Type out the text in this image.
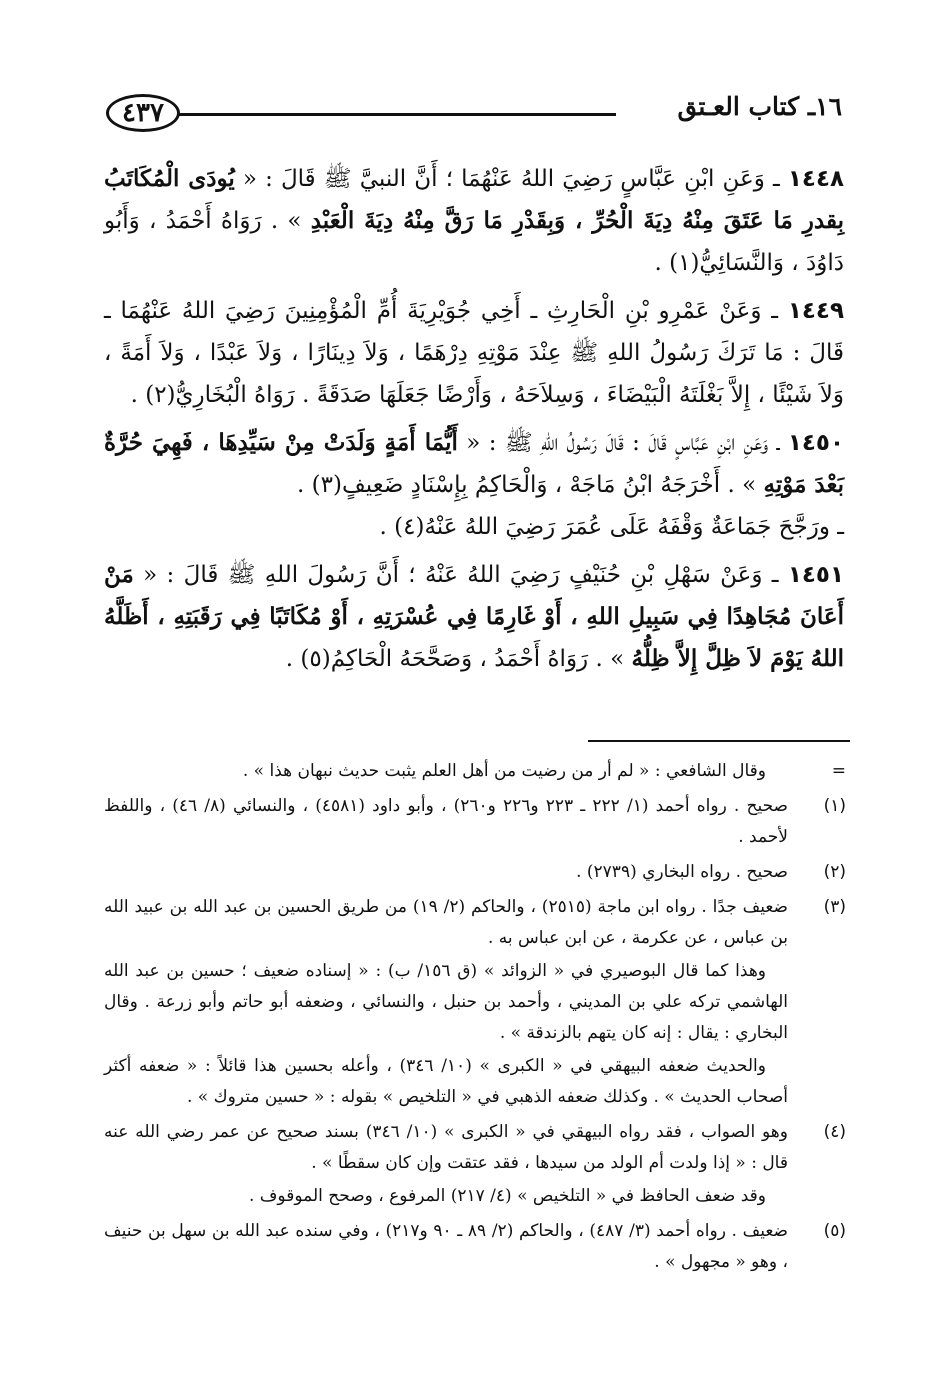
٤٣٧	١٦ـ كتاب العـتق

١٤٤٨ ـ وَعَنِ ابْنِ عَبَّاسٍ رَضِيَ اللهُ عَنْهُمَا ؛ أَنَّ النبيَّ ﷺ قَالَ : « يُودَى الْمُكَاتَبُ بِقدرِ مَا عَتَقَ مِنْهُ دِيَةَ الْحُرِّ ، وَبِقَدْرِ مَا رَقَّ مِنْهُ دِيَةَ الْعَبْدِ » . رَوَاهُ أَحْمَدُ ، وَأَبُو دَاوُدَ ، وَالنَّسَائِيُّ(١) .

١٤٤٩ ـ وَعَنْ عَمْرِو بْنِ الْحَارِثِ ـ أَخِي جُوَيْرِيَةَ أُمِّ الْمُؤْمِنِينَ رَضِيَ اللهُ عَنْهُمَا ـ قَالَ : مَا تَرَكَ رَسُولُ اللهِ ﷺ عِنْدَ مَوْتِهِ دِرْهَمًا ، وَلاَ دِينَارًا ، وَلاَ عَبْدًا ، وَلاَ أَمَةً ، وَلاَ شَيْئًا ، إِلاَّ بَغْلَتَهُ الْبَيْضَاءَ ، وَسِلاَحَهُ ، وَأَرْضًا جَعَلَهَا صَدَقَةً . رَوَاهُ الْبُخَارِيُّ(٢) .

١٤٥٠ ـ وَعَنِ ابْنِ عَبَّاسٍ قَالَ : قَالَ رَسُولُ اللهِ ﷺ : « أَيُّمَا أَمَةٍ وَلَدَتْ مِنْ سَيِّدِهَا ، فَهِيَ حُرَّةٌ بَعْدَ مَوْتِهِ » . أَخْرَجَهُ ابْنُ مَاجَهْ ، وَالْحَاكِمُ بِإِسْنَادٍ ضَعِيفٍ(٣) .

ـ ورَجَّحَ جَمَاعَةٌ وَقْفَهُ عَلَى عُمَرَ رَضِيَ اللهُ عَنْهُ(٤) .

١٤٥١ ـ وَعَنْ سَهْلِ بْنِ حُنَيْفٍ رَضِيَ اللهُ عَنْهُ ؛ أَنَّ رَسُولَ اللهِ ﷺ قَالَ : « مَنْ أَعَانَ مُجَاهِدًا فِي سَبِيلِ اللهِ ، أَوْ غَارِمًا فِي عُسْرَتِهِ ، أَوْ مُكَاتَبًا فِي رَقَبَتِهِ ، أَظَلَّهُ اللهُ يَوْمَ لاَ ظِلَّ إِلاَّ ظِلُّهُ » . رَوَاهُ أَحْمَدُ ، وَصَحَّحَهُ الْحَاكِمُ(٥) .

=
وقال الشافعي : « لم أر من رضيت من أهل العلم يثبت حديث نبهان هذا » .
(١)
صحيح . رواه أحمد (١/ ٢٢٢ ـ ٢٢٣ و٢٢٦ و٢٦٠) ، وأبو داود (٤٥٨١) ، والنسائي (٨/ ٤٦) ، واللفظ لأحمد .
(٢)
صحيح . رواه البخاري (٢٧٣٩) .
(٣)
ضعيف جدًا . رواه ابن ماجة (٢٥١٥) ، والحاكم (٢/ ١٩) من طريق الحسين بن عبد الله بن عبيد الله بن عباس ، عن عكرمة ، عن ابن عباس به .
وهذا كما قال البوصيري في « الزوائد » (ق ١٥٦/ ب) : « إسناده ضعيف ؛ حسين بن عبد الله الهاشمي تركه علي بن المديني ، وأحمد بن حنبل ، والنسائي ، وضعفه أبو حاتم وأبو زرعة . وقال البخاري : يقال : إنه كان يتهم بالزندقة » .
والحديث ضعفه البيهقي في « الكبرى » (١٠/ ٣٤٦) ، وأعله بحسين هذا قائلاً : « ضعفه أكثر أصحاب الحديث » . وكذلك ضعفه الذهبي في « التلخيص » بقوله : « حسين متروك » .
(٤)
وهو الصواب ، فقد رواه البيهقي في « الكبرى » (١٠/ ٣٤٦) بسند صحيح عن عمر رضي الله عنه قال : « إذا ولدت أم الولد من سيدها ، فقد عتقت وإن كان سقطًا » .
وقد ضعف الحافظ في « التلخيص » (٤/ ٢١٧) المرفوع ، وصحح الموقوف .
(٥)
ضعيف . رواه أحمد (٣/ ٤٨٧) ، والحاكم (٢/ ٨٩ ـ ٩٠ و٢١٧) ، وفي سنده عبد الله بن سهل بن حنيف ، وهو « مجهول » .
